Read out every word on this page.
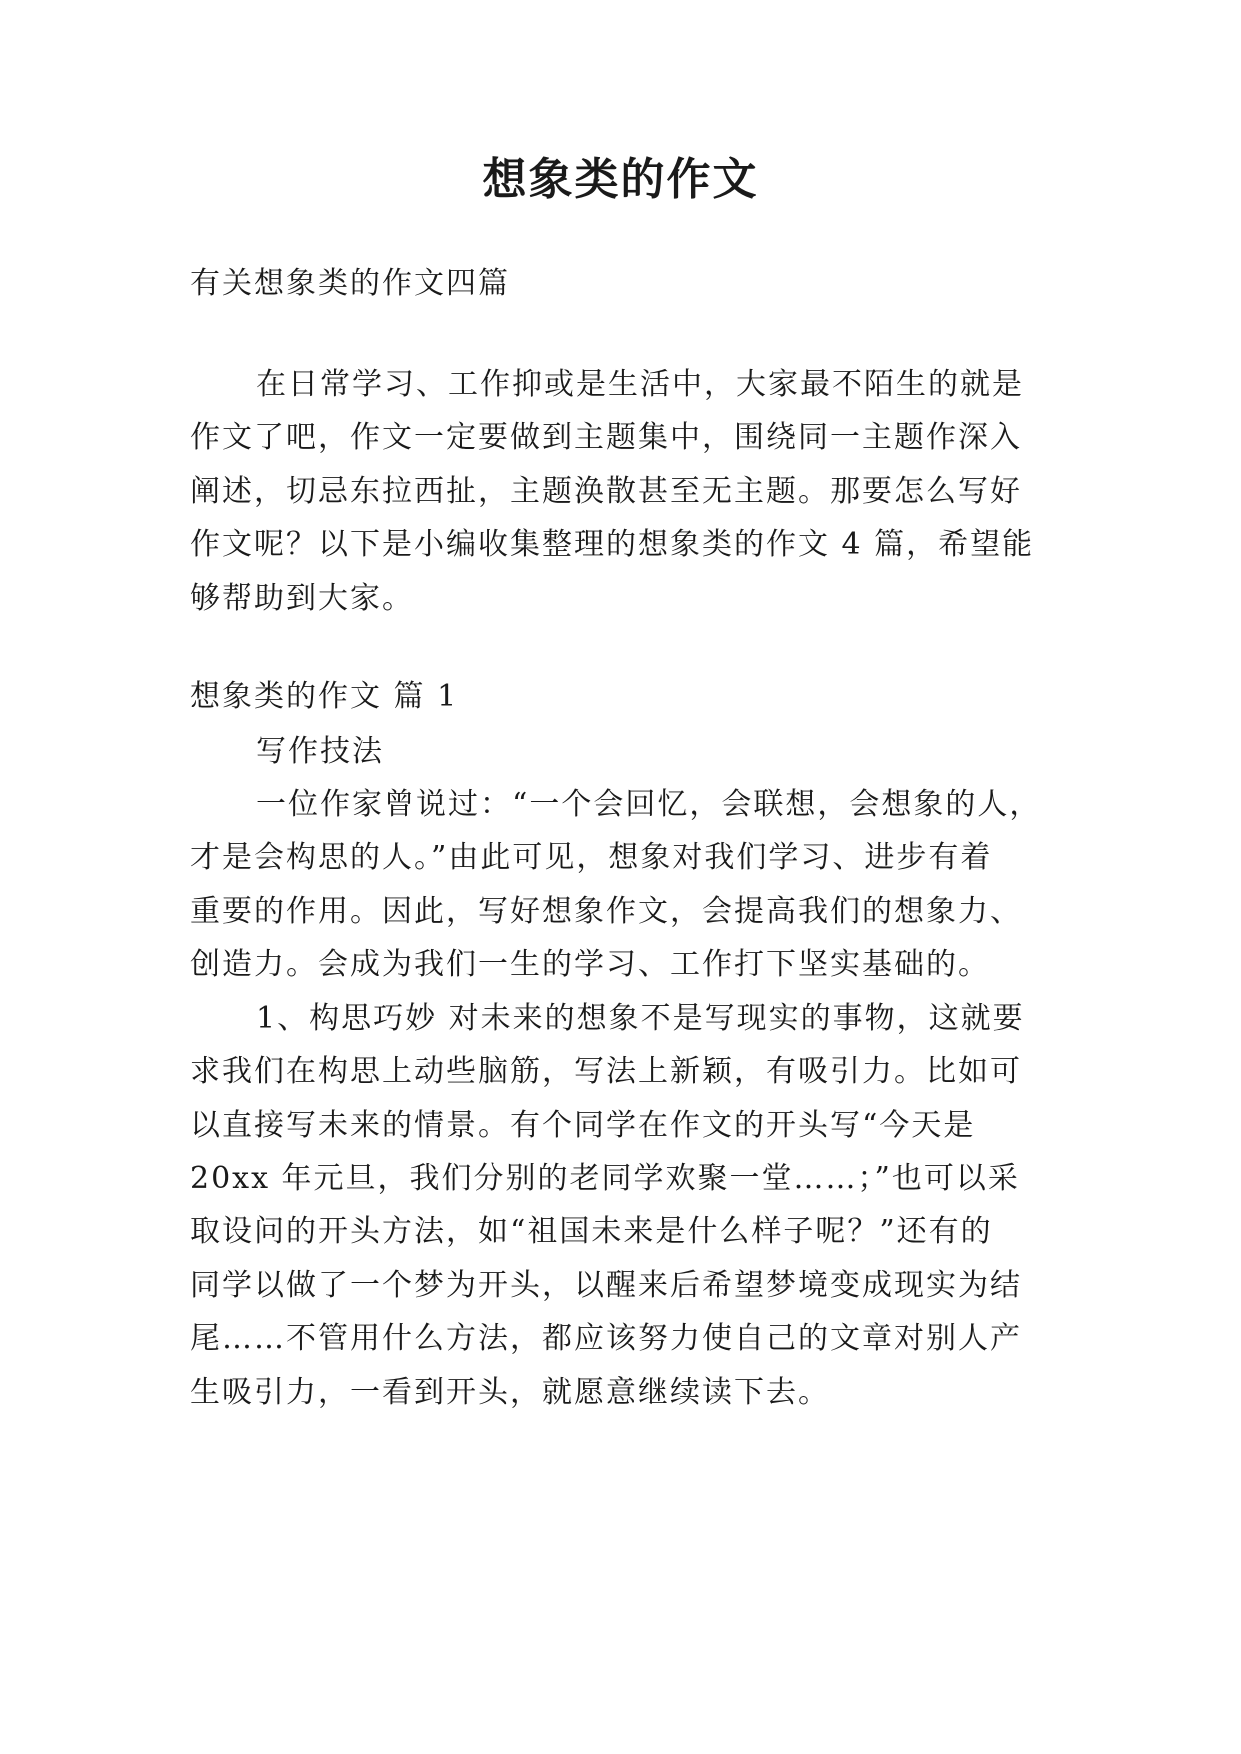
想象类的作文

有关想象类的作文四篇

在日常学习、工作抑或是生活中，大家最不陌生的就是

作文了吧，作文一定要做到主题集中，围绕同一主题作深入

阐述，切忌东拉西扯，主题涣散甚至无主题。那要怎么写好

作文呢？以下是小编收集整理的想象类的作文 4 篇，希望能

够帮助到大家。

想象类的作文 篇 1

写作技法

一位作家曾说过：“一个会回忆，会联想，会想象的人，

才是会构思的人。”由此可见，想象对我们学习、进步有着

重要的作用。因此，写好想象作文，会提高我们的想象力、

创造力。会成为我们一生的学习、工作打下坚实基础的。

1、构思巧妙 对未来的想象不是写现实的事物，这就要

求我们在构思上动些脑筋，写法上新颖，有吸引力。比如可

以直接写未来的情景。有个同学在作文的开头写“今天是

20xx 年元旦，我们分别的老同学欢聚一堂……；”也可以采

取设问的开头方法，如“祖国未来是什么样子呢？”还有的

同学以做了一个梦为开头，以醒来后希望梦境变成现实为结

尾……不管用什么方法，都应该努力使自己的文章对别人产

生吸引力，一看到开头，就愿意继续读下去。
